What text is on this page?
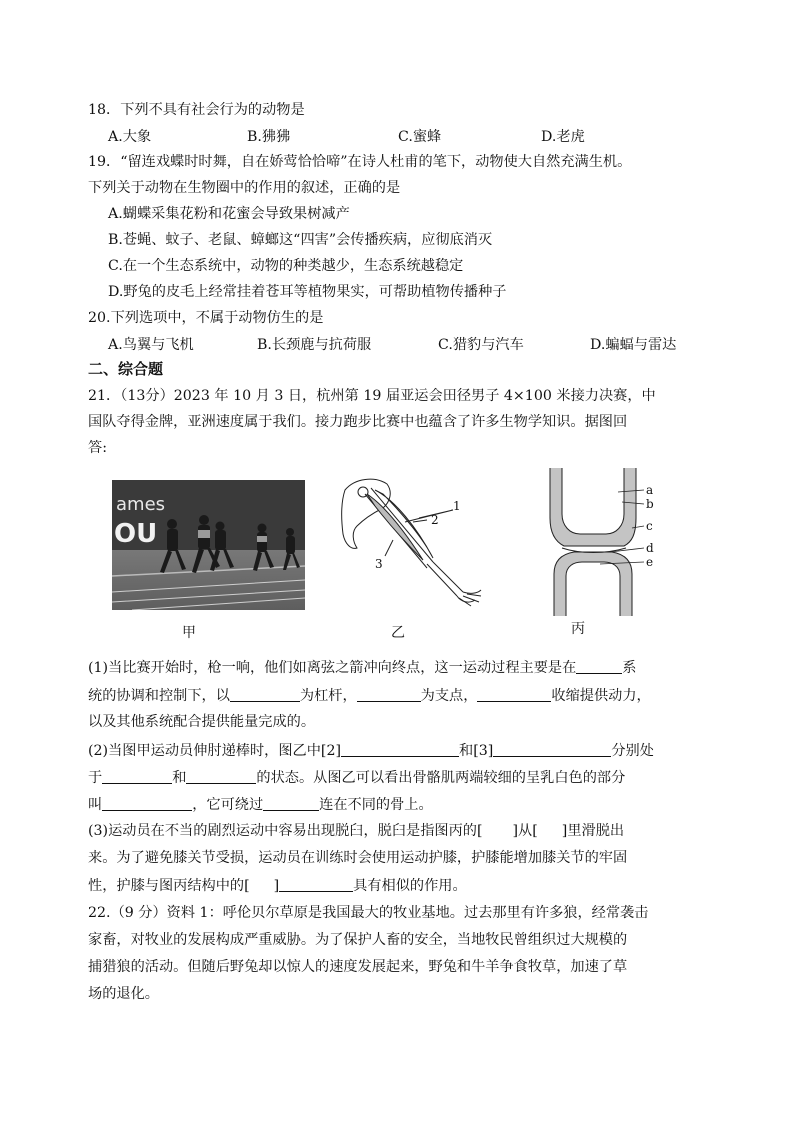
18．下列不具有社会行为的动物是
A.大象	B.狒狒	C.蜜蜂	D.老虎
19．“留连戏蝶时时舞，自在娇莺恰恰啼”在诗人杜甫的笔下，动物使大自然充满生机。
下列关于动物在生物圈中的作用的叙述，正确的是
A.蝴蝶采集花粉和花蜜会导致果树减产
B.苍蝇、蚊子、老鼠、蟑螂这“四害”会传播疾病，应彻底消灭
C.在一个生态系统中，动物的种类越少，生态系统越稳定
D.野兔的皮毛上经常挂着苍耳等植物果实，可帮助植物传播种子
20.下列选项中，不属于动物仿生的是
A.鸟翼与飞机	B.长颈鹿与抗荷服	C.猎豹与汽车	D.蝙蝠与雷达
二、综合题
21．（13分）2023 年 10 月 3 日，杭州第 19 届亚运会田径男子 4×100 米接力决赛，中
国队夺得金牌，亚洲速度属于我们。接力跑步比赛中也蕴含了许多生物学知识。据图回
答:
ames
OU
甲
1
2
3
乙
a
b
c
d
e
丙
(1)当比赛开始时，枪一响，他们如离弦之箭冲向终点，这一运动过程主要是在	系
统的协调和控制下，以	为杠杆，	为支点，	收缩提供动力，
以及其他系统配合提供能量完成的。
(2)当图甲运动员伸肘递棒时，图乙中[2]	和[3]	分别处
于	和	的状态。从图乙可以看出骨骼肌两端较细的呈乳白色的部分
叫	，它可绕过	连在不同的骨上。
(3)运动员在不当的剧烈运动中容易出现脱臼，脱臼是指图丙的[ ]从[ ]里滑脱出
来。为了避免膝关节受损，运动员在训练时会使用运动护膝，护膝能增加膝关节的牢固
性，护膝与图丙结构中的[ ]	具有相似的作用。
22.（9 分）资料 1：呼伦贝尔草原是我国最大的牧业基地。过去那里有许多狼，经常袭击
家畜，对牧业的发展构成严重威胁。为了保护人畜的安全，当地牧民曾组织过大规模的
捕猎狼的活动。但随后野兔却以惊人的速度发展起来，野兔和牛羊争食牧草，加速了草
场的退化。
